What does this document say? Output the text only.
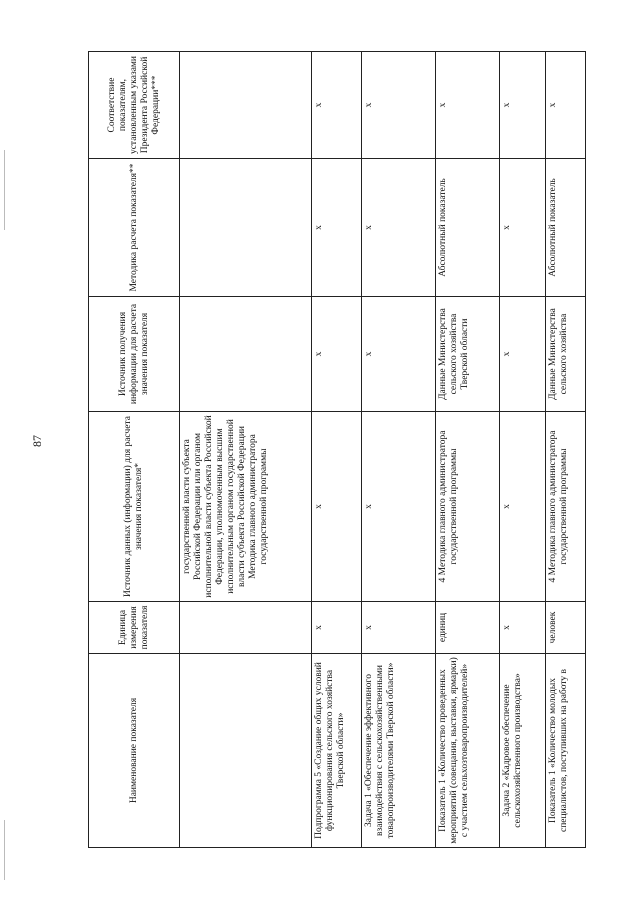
87
Наименование показателя	Единица измерения показателя	Источник данных (информации) для расчета значения показателя*	Источник получения информации для расчета значения показателя	Методика расчета показателя**	Соответствие показателям, установленным указами Президента Российской Федерации***
		государственной власти субъекта Российской Федерации или органом исполнительной власти субъекта Российской Федерации, уполномоченным высшим исполнительным органом государственной власти субъекта Российской Федерации Методика главного администратора государственной программы			
Подпрограмма 5 «Создание общих условий функционирования сельского хозяйства Тверской области»	x	x	x	x	x
Задача 1 «Обеспечение эффективного взаимодействия с сельскохозяйственными товаропроизводителями Тверской области»	x	x	x	x	x
Показатель 1 «Количество проведенных мероприятий (совещания, выставки, ярмарки) с участием сельхозтоваропроизводителей»	единиц	4 Методика главного администратора государственной программы	Данные Министерства сельского хозяйства Тверской области	Абсолютный показатель	x
Задача 2 «Кадровое обеспечение сельскохозяйственного производства»	x	x	x	x	x
Показатель 1 «Количество молодых специалистов, поступивших на работу в	человек	4 Методика главного администратора государственной программы	Данные Министерства сельского хозяйства	Абсолютный показатель	x
